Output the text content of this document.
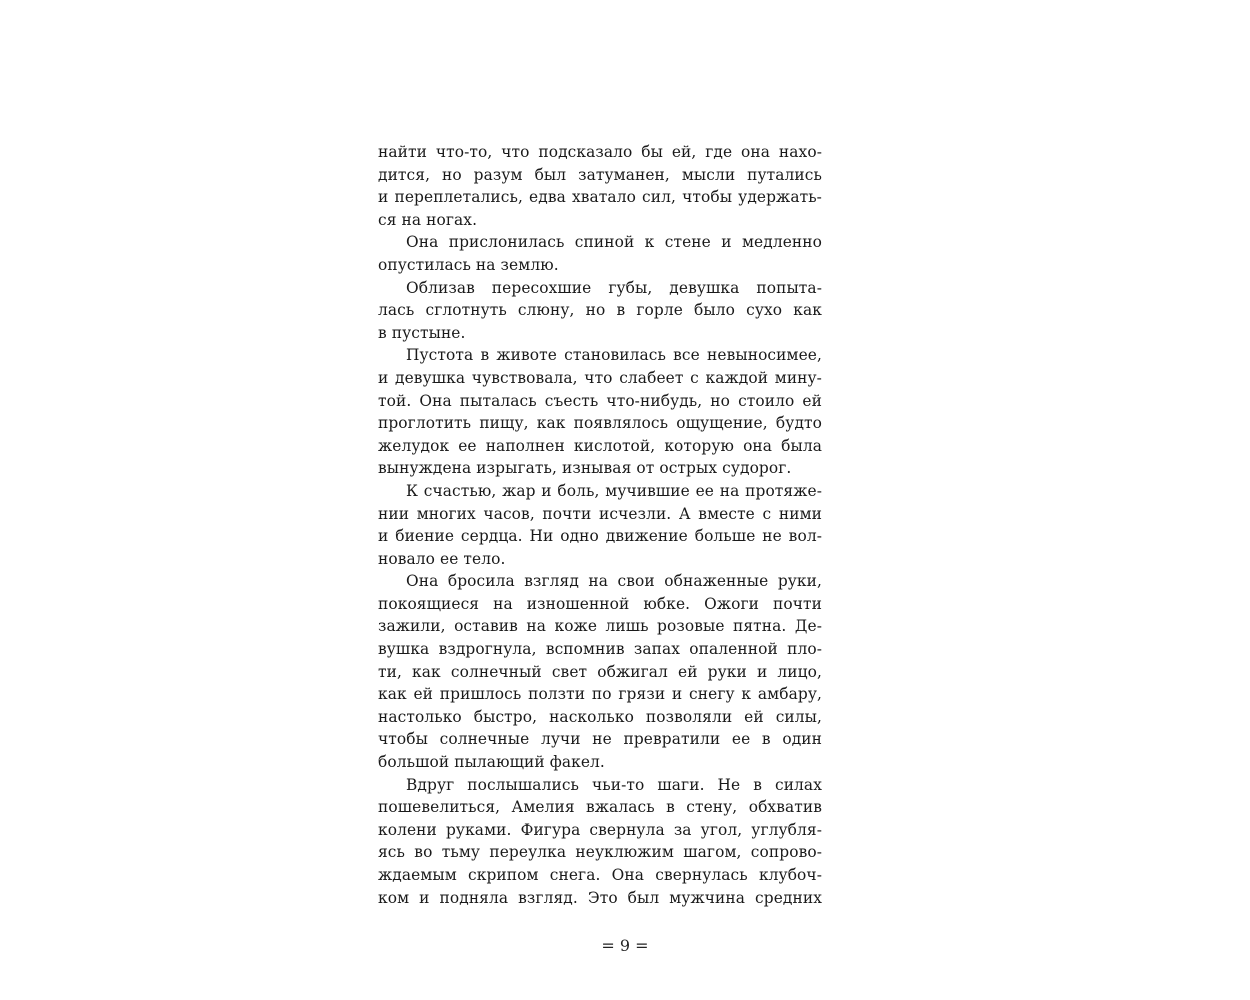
найти что-то, что подсказало бы ей, где она нахо-
дится, но разум был затуманен, мысли путались
и переплетались, едва хватало сил, чтобы удержать-
ся на ногах.
Она прислонилась спиной к стене и медленно
опустилась на землю.
Облизав пересохшие губы, девушка попыта-
лась сглотнуть слюну, но в горле было сухо как
в пустыне.
Пустота в животе становилась все невыносимее,
и девушка чувствовала, что слабеет с каждой мину-
той. Она пыталась съесть что-нибудь, но стоило ей
проглотить пищу, как появлялось ощущение, будто
желудок ее наполнен кислотой, которую она была
вынуждена изрыгать, изнывая от острых судорог.
К счастью, жар и боль, мучившие ее на протяже-
нии многих часов, почти исчезли. А вместе с ними
и биение сердца. Ни одно движение больше не вол-
новало ее тело.
Она бросила взгляд на свои обнаженные руки,
покоящиеся на изношенной юбке. Ожоги почти
зажили, оставив на коже лишь розовые пятна. Де-
вушка вздрогнула, вспомнив запах опаленной пло-
ти, как солнечный свет обжигал ей руки и лицо,
как ей пришлось ползти по грязи и снегу к амбару,
настолько быстро, насколько позволяли ей силы,
чтобы солнечные лучи не превратили ее в один
большой пылающий факел.
Вдруг послышались чьи-то шаги. Не в силах
пошевелиться, Амелия вжалась в стену, обхватив
колени руками. Фигура свернула за угол, углубля-
ясь во тьму переулка неуклюжим шагом, сопрово-
ждаемым скрипом снега. Она свернулась клубоч-
ком и подняла взгляд. Это был мужчина средних
= 9 =
